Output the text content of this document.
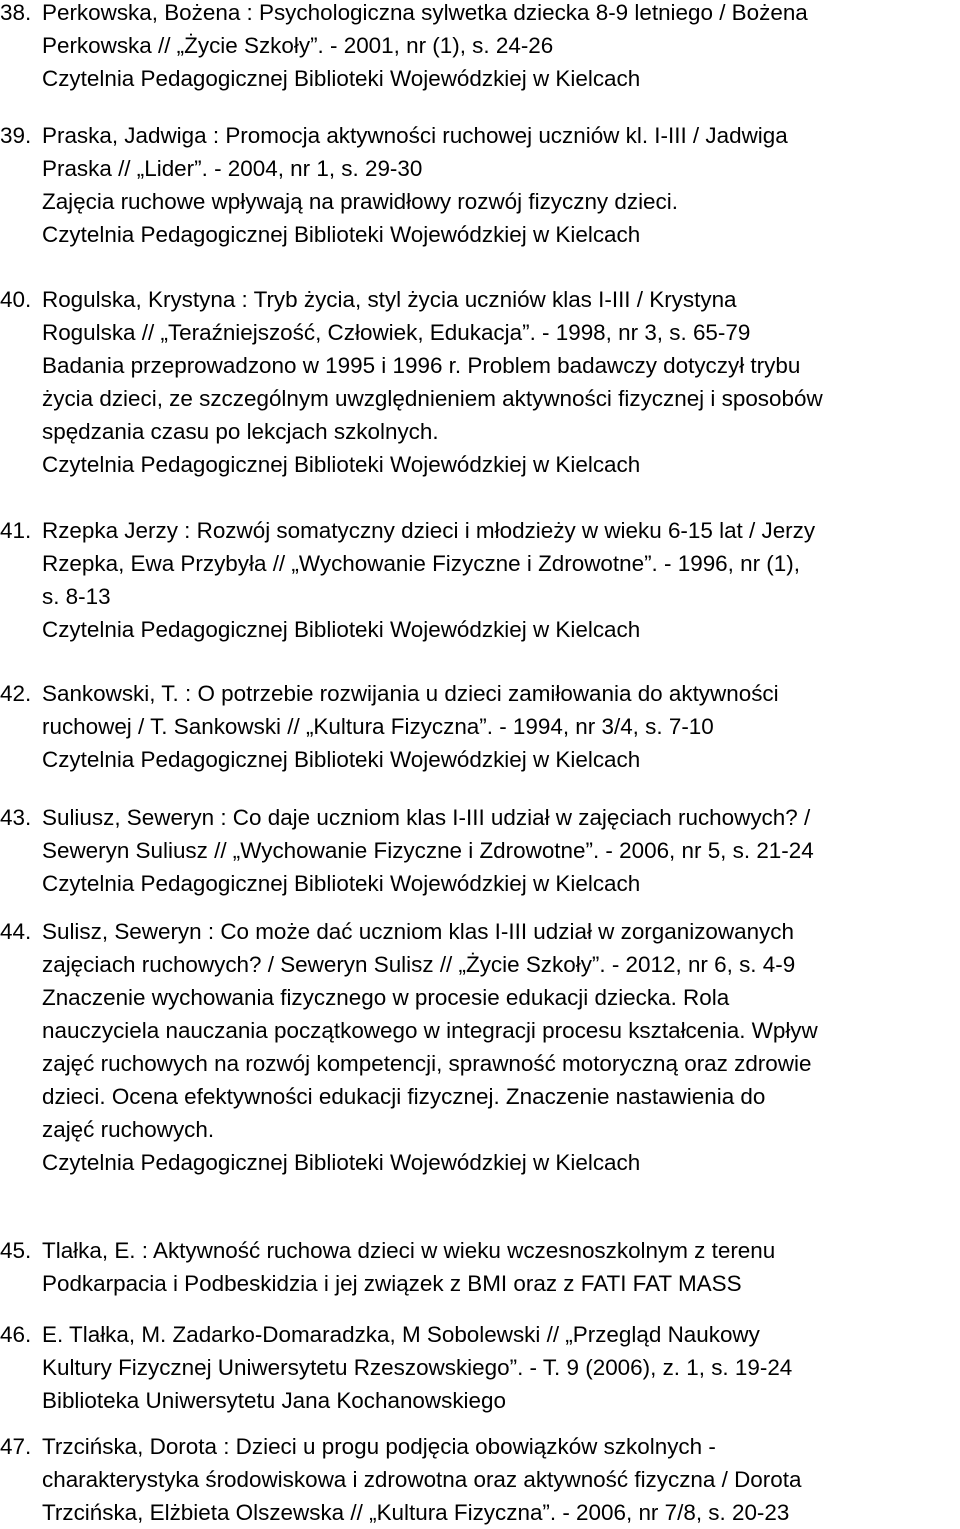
38. Perkowska, Bożena : Psychologiczna sylwetka dziecka 8-9 letniego / Bożena
Perkowska // „Życie Szkoły”. - 2001, nr (1), s. 24-26
Czytelnia Pedagogicznej Biblioteki Wojewódzkiej w Kielcach
39. Praska, Jadwiga : Promocja aktywności ruchowej uczniów kl. I-III / Jadwiga
Praska // „Lider”. - 2004, nr 1, s. 29-30
Zajęcia ruchowe wpływają na prawidłowy rozwój fizyczny dzieci.
Czytelnia Pedagogicznej Biblioteki Wojewódzkiej w Kielcach
40. Rogulska, Krystyna : Tryb życia, styl życia uczniów klas I-III / Krystyna
Rogulska // „Teraźniejszość, Człowiek, Edukacja”. - 1998, nr 3, s. 65-79
Badania przeprowadzono w 1995 i 1996 r. Problem badawczy dotyczył trybu
życia dzieci, ze szczególnym uwzględnieniem aktywności fizycznej i sposobów
spędzania czasu po lekcjach szkolnych.
Czytelnia Pedagogicznej Biblioteki Wojewódzkiej w Kielcach
41. Rzepka Jerzy : Rozwój somatyczny dzieci i młodzieży w wieku 6-15 lat / Jerzy
Rzepka, Ewa Przybyła // „Wychowanie Fizyczne i Zdrowotne”. - 1996, nr (1),
s. 8-13
Czytelnia Pedagogicznej Biblioteki Wojewódzkiej w Kielcach
42. Sankowski, T. : O potrzebie rozwijania u dzieci zamiłowania do aktywności
ruchowej / T. Sankowski // „Kultura Fizyczna”. - 1994, nr 3/4, s. 7-10
Czytelnia Pedagogicznej Biblioteki Wojewódzkiej w Kielcach
43. Suliusz, Seweryn : Co daje uczniom klas I-III udział w zajęciach ruchowych? /
Seweryn Suliusz // „Wychowanie Fizyczne i Zdrowotne”. - 2006, nr 5, s. 21-24
Czytelnia Pedagogicznej Biblioteki Wojewódzkiej w Kielcach
44. Sulisz, Seweryn : Co może dać uczniom klas I-III udział w zorganizowanych
zajęciach ruchowych? / Seweryn Sulisz // „Życie Szkoły”. - 2012, nr 6, s. 4-9
Znaczenie wychowania fizycznego w procesie edukacji dziecka. Rola
nauczyciela nauczania początkowego w integracji procesu kształcenia. Wpływ
zajęć ruchowych na rozwój kompetencji, sprawność motoryczną oraz zdrowie
dzieci. Ocena efektywności edukacji fizycznej. Znaczenie nastawienia do
zajęć ruchowych.
Czytelnia Pedagogicznej Biblioteki Wojewódzkiej w Kielcach
45. Tlałka, E. : Aktywność ruchowa dzieci w wieku wczesnoszkolnym z terenu
Podkarpacia i Podbeskidzia i jej związek z BMI oraz z FATI FAT MASS
46. E. Tlałka, M. Zadarko-Domaradzka, M Sobolewski // „Przegląd Naukowy
Kultury Fizycznej Uniwersytetu Rzeszowskiego”. - T. 9 (2006), z. 1, s. 19-24
Biblioteka Uniwersytetu Jana Kochanowskiego
47. Trzcińska, Dorota : Dzieci u progu podjęcia obowiązków szkolnych -
charakterystyka środowiskowa i zdrowotna oraz aktywność fizyczna / Dorota
Trzcińska, Elżbieta Olszewska // „Kultura Fizyczna”. - 2006, nr 7/8, s. 20-23
